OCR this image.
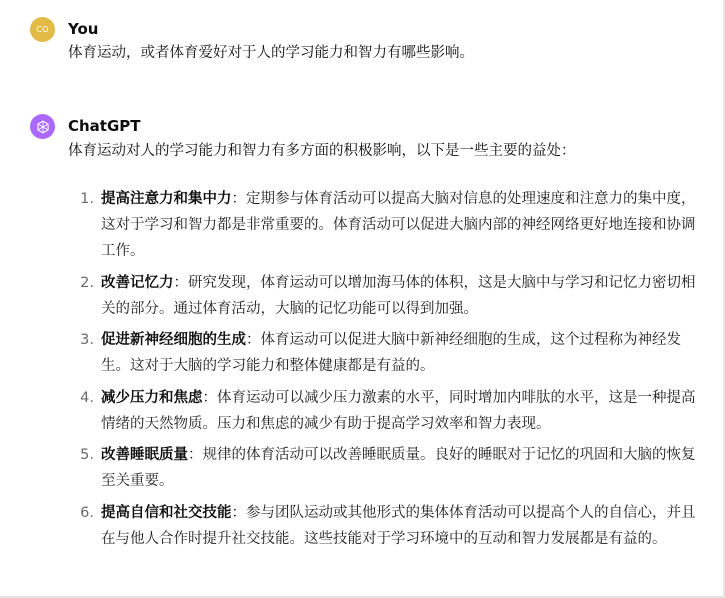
CO You
体育运动，或者体育爱好对于人的学习能力和智力有哪些影响。
ChatGPT
体育运动对人的学习能力和智力有多方面的积极影响，以下是一些主要的益处：
1. 提高注意力和集中力：定期参与体育活动可以提高大脑对信息的处理速度和注意力的集中度，这对于学习和智力都是非常重要的。体育活动可以促进大脑内部的神经网络更好地连接和协调工作。
2. 改善记忆力：研究发现，体育运动可以增加海马体的体积，这是大脑中与学习和记忆力密切相关的部分。通过体育活动，大脑的记忆功能可以得到加强。
3. 促进新神经细胞的生成：体育运动可以促进大脑中新神经细胞的生成，这个过程称为神经发生。这对于大脑的学习能力和整体健康都是有益的。
4. 减少压力和焦虑：体育运动可以减少压力激素的水平，同时增加内啡肽的水平，这是一种提高情绪的天然物质。压力和焦虑的减少有助于提高学习效率和智力表现。
5. 改善睡眠质量：规律的体育活动可以改善睡眠质量。良好的睡眠对于记忆的巩固和大脑的恢复至关重要。
6. 提高自信和社交技能：参与团队运动或其他形式的集体体育活动可以提高个人的自信心，并且在与他人合作时提升社交技能。这些技能对于学习环境中的互动和智力发展都是有益的。
